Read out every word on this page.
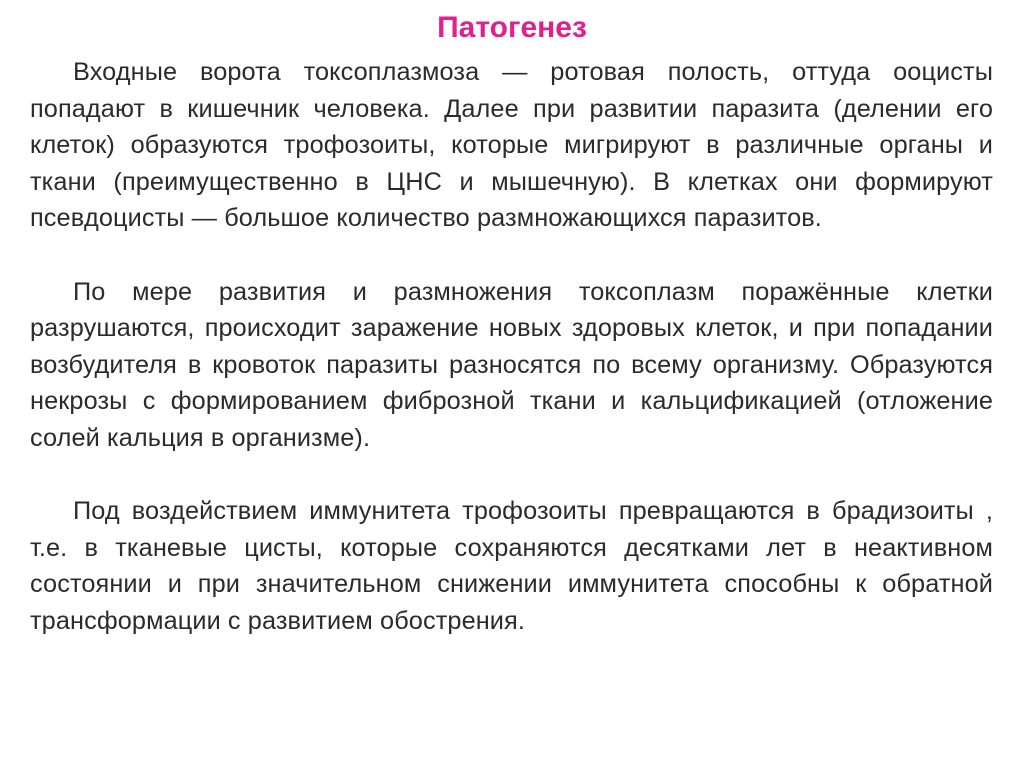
Патогенез

Входные ворота токсоплазмоза — ротовая полость, оттуда ооцисты попадают в кишечник человека. Далее при развитии паразита (делении его клеток) образуются трофозоиты, которые мигрируют в различные органы и ткани (преимущественно в ЦНС и мышечную). В клетках они формируют псевдоцисты — большое количество размножающихся паразитов.

По мере развития и размножения токсоплазм поражённые клетки разрушаются, происходит заражение новых здоровых клеток, и при попадании возбудителя в кровоток паразиты разносятся по всему организму. Образуются некрозы с формированием фиброзной ткани и кальцификацией (отложение солей кальция в организме).

Под воздействием иммунитета трофозоиты превращаются в брадизоиты , т.е. в тканевые цисты, которые сохраняются десятками лет в неактивном состоянии и при значительном снижении иммунитета способны к обратной трансформации с развитием обострения.
